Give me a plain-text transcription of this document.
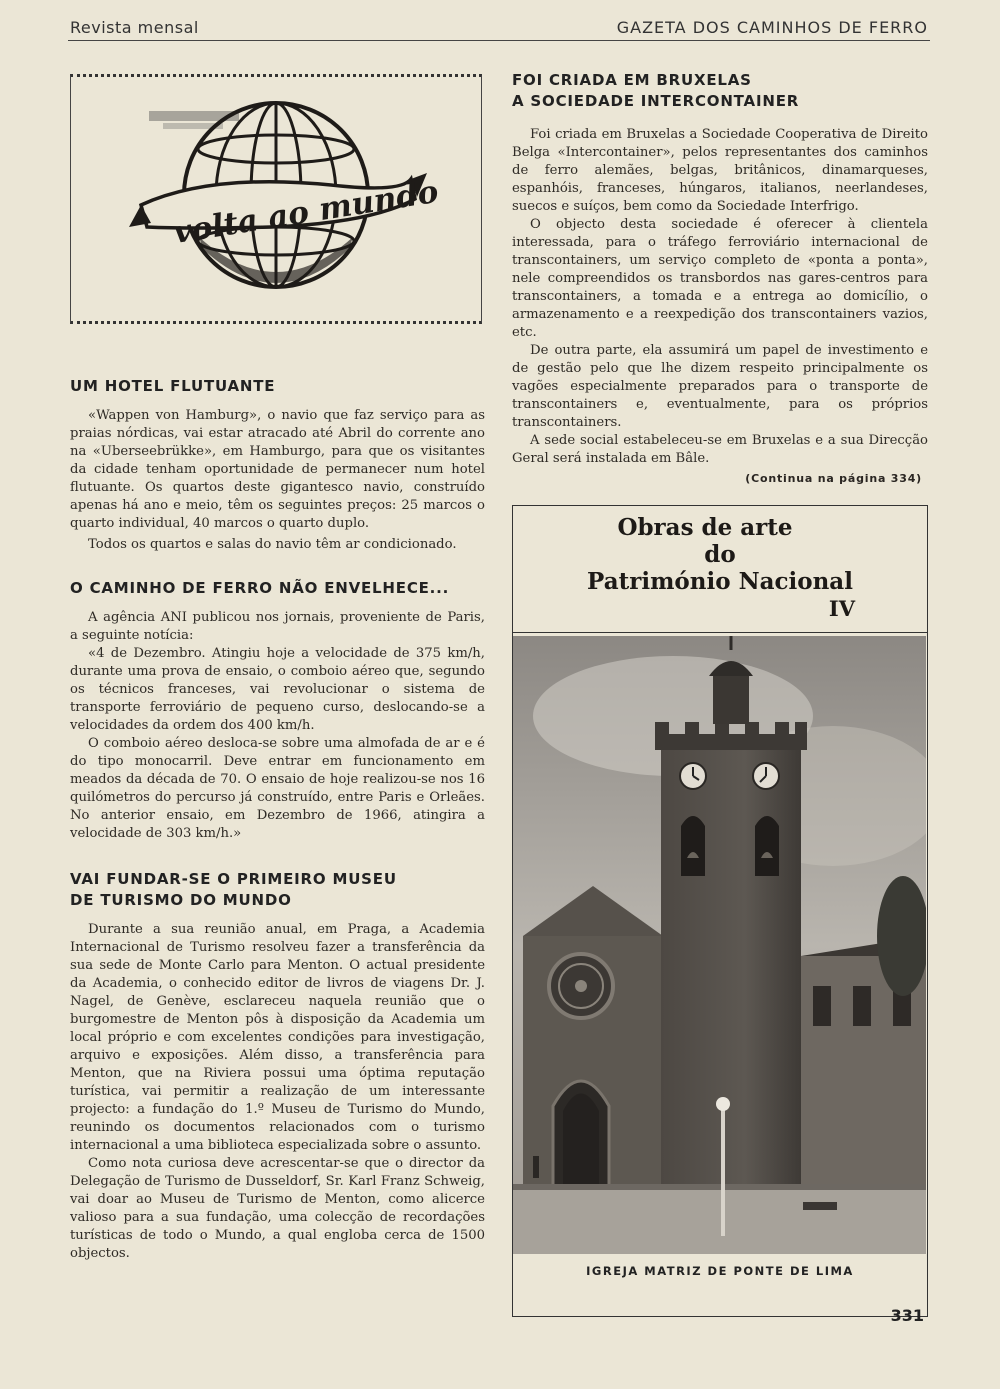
Revista mensal	GAZETA DOS CAMINHOS DE FERRO
volta ao mundo
UM HOTEL FLUTUANTE

«Wappen von Hamburg», o navio que faz serviço para as praias nórdicas, vai estar atracado até Abril do corrente ano na «Uberseebrükke», em Hamburgo, para que os visitantes da cidade tenham oportunidade de permanecer num hotel flutuante. Os quartos deste gigantesco navio, construído apenas há ano e meio, têm os seguintes preços: 25 marcos o quarto individual, 40 marcos o quarto duplo.

Todos os quartos e salas do navio têm ar condicionado.

O CAMINHO DE FERRO NÃO ENVELHECE...

A agência ANI publicou nos jornais, proveniente de Paris, a seguinte notícia:

«4 de Dezembro. Atingiu hoje a velocidade de 375 km/h, durante uma prova de ensaio, o comboio aéreo que, segundo os técnicos franceses, vai revolucionar o sistema de transporte ferroviário de pequeno curso, deslocando-se a velocidades da ordem dos 400 km/h.

O comboio aéreo desloca-se sobre uma almofada de ar e é do tipo monocarril. Deve entrar em funcionamento em meados da década de 70. O ensaio de hoje realizou-se nos 16 quilómetros do percurso já construído, entre Paris e Orleães. No anterior ensaio, em Dezembro de 1966, atingira a velocidade de 303 km/h.»

VAI FUNDAR-SE O PRIMEIRO MUSEU
DE TURISMO DO MUNDO

Durante a sua reunião anual, em Praga, a Academia Internacional de Turismo resolveu fazer a transferência da sua sede de Monte Carlo para Menton. O actual presidente da Academia, o conhecido editor de livros de viagens Dr. J. Nagel, de Genève, esclareceu naquela reunião que o burgomestre de Menton pôs à disposição da Academia um local próprio e com excelentes condições para investigação, arquivo e exposições. Além disso, a transferência para Menton, que na Riviera possui uma óptima reputação turística, vai permitir a realização de um interessante projecto: a fundação do 1.º Museu de Turismo do Mundo, reunindo os documentos relacionados com o turismo internacional a uma biblioteca especializada sobre o assunto.

Como nota curiosa deve acrescentar-se que o director da Delegação de Turismo de Dusseldorf, Sr. Karl Franz Schweig, vai doar ao Museu de Turismo de Menton, como alicerce valioso para a sua fundação, uma colecção de recordações turísticas de todo o Mundo, a qual engloba cerca de 1500 objectos.

FOI CRIADA EM BRUXELAS
A SOCIEDADE INTERCONTAINER

Foi criada em Bruxelas a Sociedade Cooperativa de Direito Belga «Intercontainer», pelos representantes dos caminhos de ferro alemães, belgas, britânicos, dinamarqueses, espanhóis, franceses, húngaros, italianos, neerlandeses, suecos e suíços, bem como da Sociedade Interfrigo.

O objecto desta sociedade é oferecer à clientela interessada, para o tráfego ferroviário internacional de transcontainers, um serviço completo de «ponta a ponta», nele compreendidos os transbordos nas gares-centros para transcontainers, a tomada e a entrega ao domicílio, o armazenamento e a reexpedição dos transcontainers vazios, etc.

De outra parte, ela assumirá um papel de investimento e de gestão pelo que lhe dizem respeito principalmente os vagões especialmente preparados para o transporte de transcontainers e, eventualmente, para os próprios transcontainers.

A sede social estabeleceu-se em Bruxelas e a sua Direcção Geral será instalada em Bâle.

(Continua na página 334)
Obras de arte
do
Património Nacional
IV
IGREJA MATRIZ DE PONTE DE LIMA
331
